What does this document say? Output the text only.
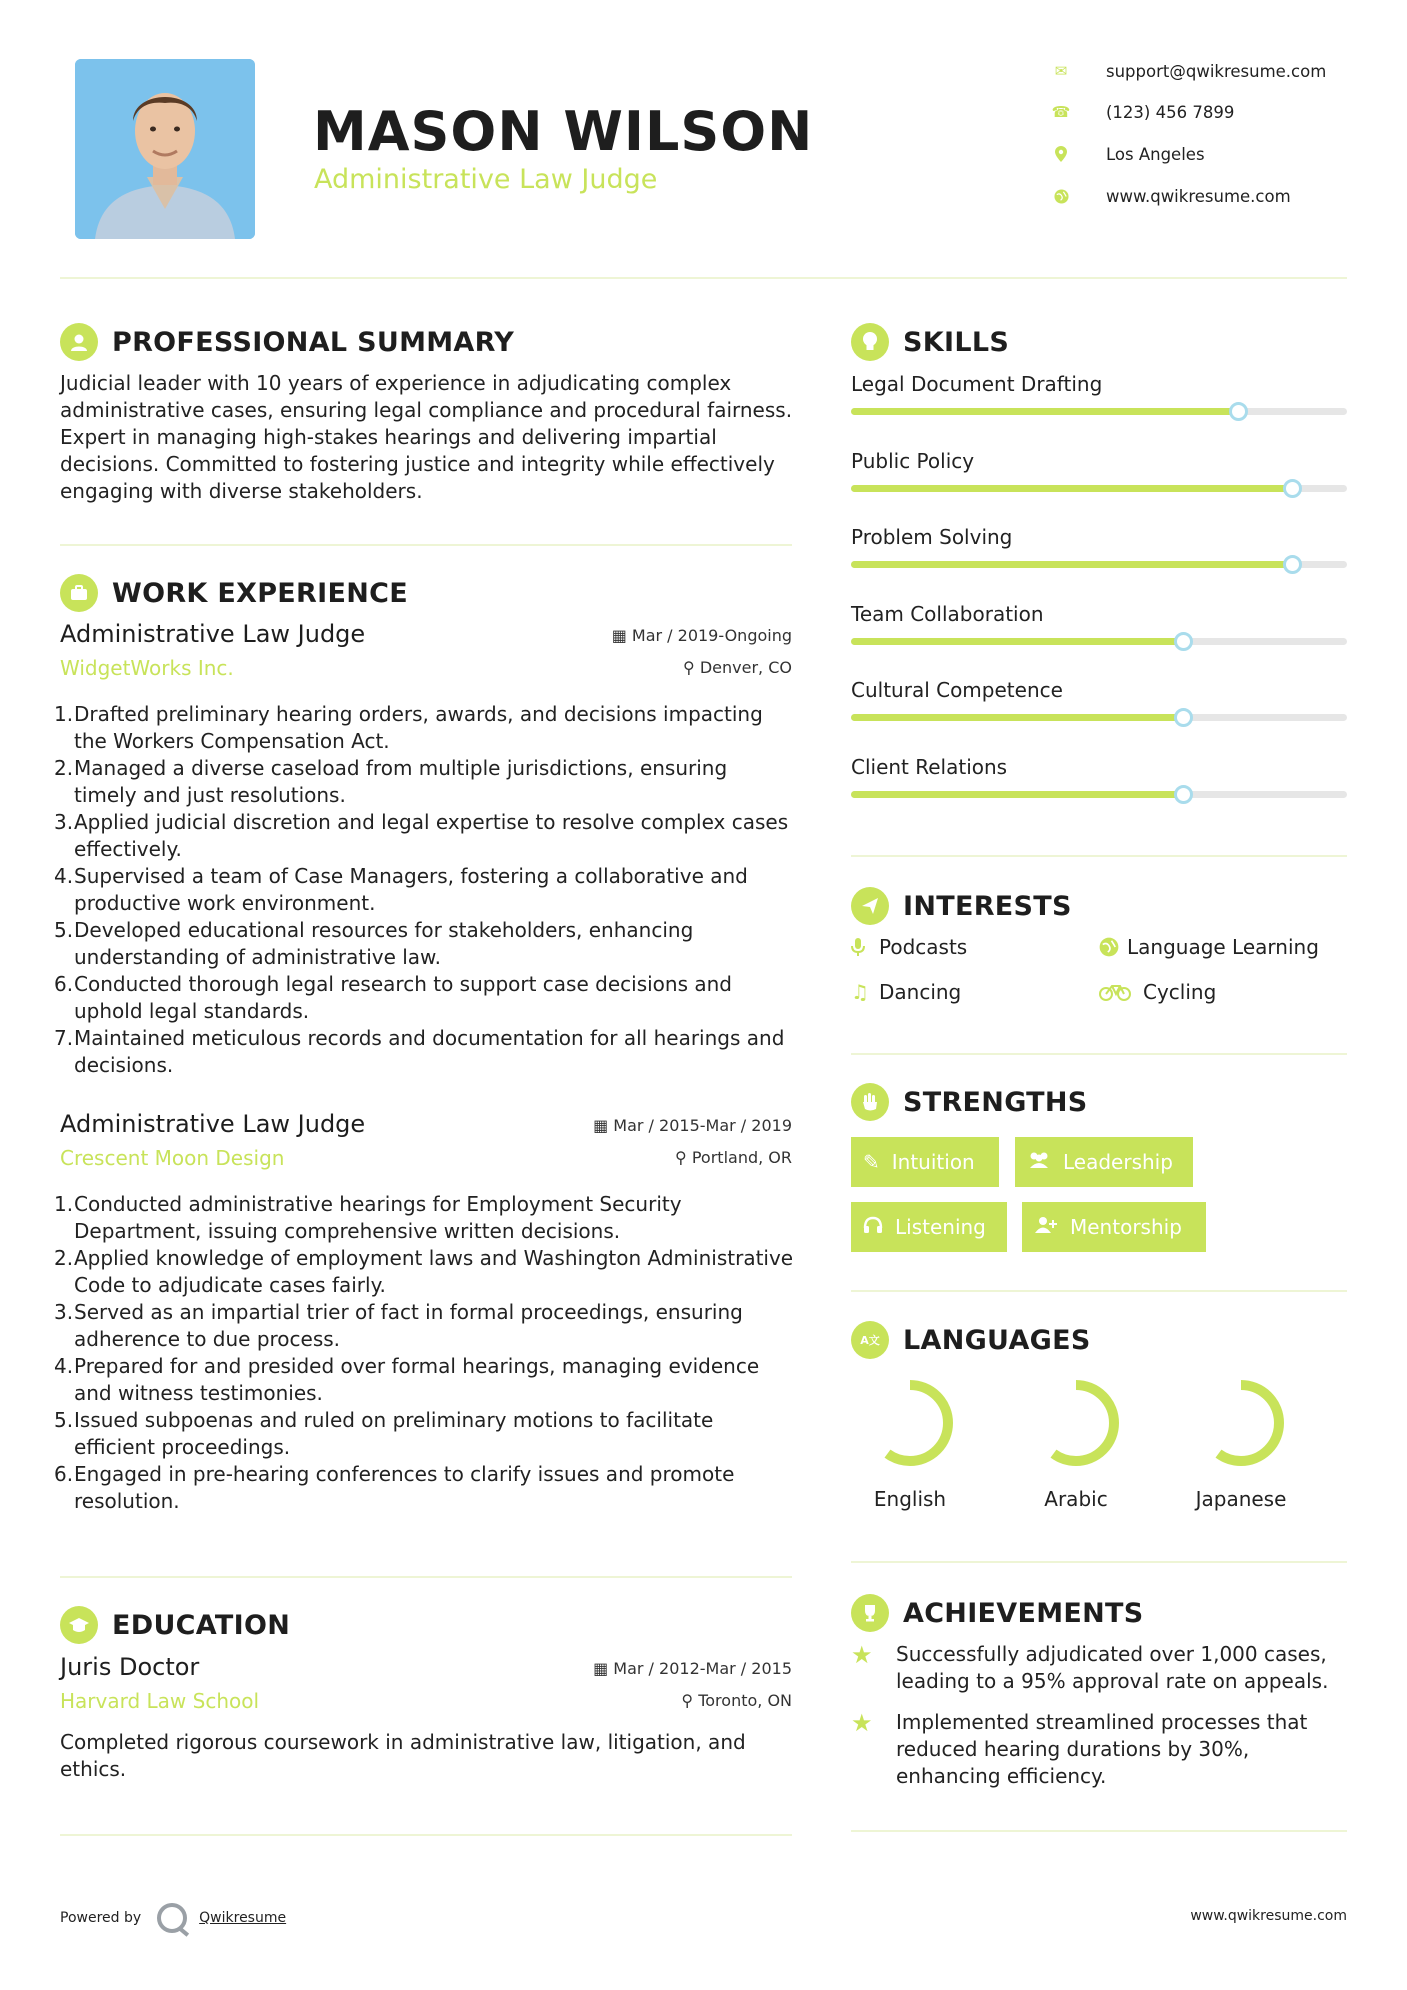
MASON WILSON
Administrative Law Judge
✉ support@qwikresume.com
☎ (123) 456 7899
Los Angeles
www.qwikresume.com
PROFESSIONAL SUMMARY
Judicial leader with 10 years of experience in adjudicating complex administrative cases, ensuring legal compliance and procedural fairness. Expert in managing high-stakes hearings and delivering impartial decisions. Committed to fostering justice and integrity while effectively engaging with diverse stakeholders.
WORK EXPERIENCE
Administrative Law Judge
WidgetWorks Inc.
▦ Mar / 2019-Ongoing
⚲ Denver, CO
1. Drafted preliminary hearing orders, awards, and decisions impacting the Workers Compensation Act.
2. Managed a diverse caseload from multiple jurisdictions, ensuring timely and just resolutions.
3. Applied judicial discretion and legal expertise to resolve complex cases effectively.
4. Supervised a team of Case Managers, fostering a collaborative and productive work environment.
5. Developed educational resources for stakeholders, enhancing understanding of administrative law.
6. Conducted thorough legal research to support case decisions and uphold legal standards.
7. Maintained meticulous records and documentation for all hearings and decisions.
Administrative Law Judge
Crescent Moon Design
▦ Mar / 2015-Mar / 2019
⚲ Portland, OR
1. Conducted administrative hearings for Employment Security Department, issuing comprehensive written decisions.
2. Applied knowledge of employment laws and Washington Administrative Code to adjudicate cases fairly.
3. Served as an impartial trier of fact in formal proceedings, ensuring adherence to due process.
4. Prepared for and presided over formal hearings, managing evidence and witness testimonies.
5. Issued subpoenas and ruled on preliminary motions to facilitate efficient proceedings.
6. Engaged in pre-hearing conferences to clarify issues and promote resolution.
EDUCATION
Juris Doctor
Harvard Law School
▦ Mar / 2012-Mar / 2015
⚲ Toronto, ON
Completed rigorous coursework in administrative law, litigation, and ethics.
SKILLS
Legal Document Drafting
Public Policy
Problem Solving
Team Collaboration
Cultural Competence
Client Relations
INTERESTS
Podcasts	Language Learning
♫ Dancing	Cycling
STRENGTHS
✎ Intuition	Leadership
Listening	Mentorship
A文 LANGUAGES
English	Arabic	Japanese
ACHIEVEMENTS
★	Successfully adjudicated over 1,000 cases, leading to a 95% approval rate on appeals.
★	Implemented streamlined processes that reduced hearing durations by 30%, enhancing efficiency.
Powered by	Qwikresume	www.qwikresume.com
